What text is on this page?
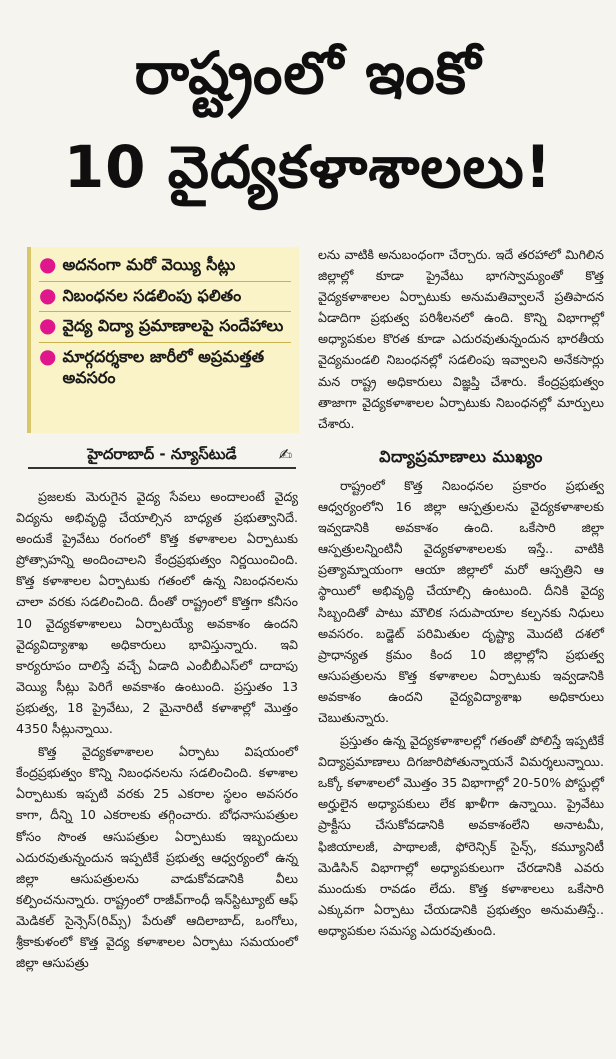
రాష్ట్రంలో ఇంకో
10 వైద్యకళాశాలలు!
● అదనంగా మరో వెయ్యి సీట్లు
● నిబంధనల సడలింపు ఫలితం
● వైద్య విద్యా ప్రమాణాలపై సందేహాలు
● మార్గదర్శకాల జారీలో అప్రమత్తత అవసరం
హైదరాబాద్ - న్యూస్‌టుడే	✍

ప్రజలకు మెరుగైన వైద్య సేవలు అందాలంటే వైద్య విద్యను అభివృద్ధి చేయాల్సిన బాధ్యత ప్రభుత్వానిదే. అందుకే ప్రైవేటు రంగంలో కొత్త కళాశాలల ఏర్పాటుకు ప్రోత్సాహన్ని అందించాలని కేంద్రప్రభుత్వం నిర్ణయించింది. కొత్త కళాశాలల ఏర్పాటుకు గతంలో ఉన్న నిబంధనలను చాలా వరకు సడలించింది. దీంతో రాష్ట్రంలో కొత్తగా కనీసం 10 వైద్యకళాశాలలు ఏర్పాటయ్యే అవకాశం ఉందని వైద్యవిద్యాశాఖ అధికారులు భావిస్తున్నారు. ఇవి కార్యరూపం దాలిస్తే వచ్చే ఏడాది ఎంబీబీఎస్‌లో దాదాపు వెయ్యి సీట్లు పెరిగే అవకాశం ఉంటుంది. ప్రస్తుతం 13 ప్రభుత్వ, 18 ప్రైవేటు, 2 మైనారిటీ కళాశాల్లో మొత్తం 4350 సీట్లున్నాయి.

కొత్త వైద్యకళాశాలల ఏర్పాటు విషయంలో కేంద్రప్రభుత్వం కొన్ని నిబంధనలను సడలించింది. కళాశాల ఏర్పాటుకు ఇప్పటి వరకు 25 ఎకరాల స్థలం అవసరం కాగా, దీన్ని 10 ఎకరాలకు తగ్గించారు. బోధనాసుపత్రుల కోసం సొంత ఆసుపత్రుల ఏర్పాటుకు ఇబ్బందులు ఎదురవుతున్నందున ఇప్పటికే ప్రభుత్వ ఆధ్వర్యంలో ఉన్న జిల్లా ఆసుపత్రులను వాడుకోవడానికి వీలు కల్పించనున్నారు. రాష్ట్రంలో రాజీవ్‌గాంధీ ఇన్‌స్టిట్యూట్ ఆఫ్ మెడికల్ సైన్సెస్(రిమ్స్) పేరుతో ఆదిలాబాద్, ఒంగోలు, శ్రీకాకుళంలో కొత్త వైద్య కళాశాలల ఏర్పాటు సమయంలో జిల్లా ఆసుపత్రు

లను వాటికి అనుబంధంగా చేర్చారు. ఇదే తరహాలో మిగిలిన జిల్లాల్లో కూడా ప్రైవేటు భాగస్వామ్యంతో కొత్త వైద్యకళాశాలల ఏర్పాటుకు అనుమతివ్వాలనే ప్రతిపాదన ఏడాదిగా ప్రభుత్వ పరిశీలనలో ఉంది. కొన్ని విభాగాల్లో అధ్యాపకుల కొరత కూడా ఎదురవుతున్నందున భారతీయ వైద్యమండలి నిబంధనల్లో సడలింపు ఇవ్వాలని అనేకసార్లు మన రాష్ట్ర అధికారులు విజ్ఞప్తి చేశారు. కేంద్రప్రభుత్వం తాజాగా వైద్యకళాశాలల ఏర్పాటుకు నిబంధనల్లో మార్పులు చేశారు.

విద్యాప్రమాణాలు ముఖ్యం

రాష్ట్రంలో కొత్త నిబంధనల ప్రకారం ప్రభుత్వ ఆధ్వర్యంలోని 16 జిల్లా ఆస్పత్రులను వైద్యకళాశాలకు ఇవ్వడానికి అవకాశం ఉంది. ఒకేసారి జిల్లా ఆస్పత్రులన్నింటినీ వైద్యకళాశాలలకు ఇస్తే.. వాటికి ప్రత్యామ్నాయంగా ఆయా జిల్లాలో మరో ఆస్పత్రిని ఆ స్థాయిలో అభివృద్ధి చేయాల్సి ఉంటుంది. దీనికి వైద్య సిబ్బందితో పాటు మౌలిక సదుపాయాల కల్పనకు నిధులు అవసరం. బడ్జెట్ పరిమితుల దృష్ట్యా మొదటి దశలో ప్రాధాన్యత క్రమం కింద 10 జిల్లాల్లోని ప్రభుత్వ ఆసుపత్రులను కొత్త కళాశాలల ఏర్పాటుకు ఇవ్వడానికి అవకాశం ఉందని వైద్యవిద్యాశాఖ అధికారులు చెబుతున్నారు.

ప్రస్తుతం ఉన్న వైద్యకళాశాలల్లో గతంతో పోలిస్తే ఇప్పటికే విద్యాప్రమాణాలు దిగజారిపోతున్నాయనే విమర్శలున్నాయి. ఒక్కో కళాశాలలో మొత్తం 35 విభాగాల్లో 20-50% పోస్టుల్లో అర్హులైన అధ్యాపకులు లేక ఖాళీగా ఉన్నాయి. ప్రైవేటు ప్రాక్టీసు చేసుకోవడానికి అవకాశంలేని అనాటమీ, ఫిజియాలజీ, పాథాలజీ, ఫోరెన్సిక్ సైన్స్, కమ్యూనిటీ మెడిసిన్ విభాగాల్లో అధ్యాపకులుగా చేరడానికి ఎవరు ముందుకు రావడం లేదు. కొత్త కళాశాలలు ఒకేసారి ఎక్కువగా ఏర్పాటు చేయడానికి ప్రభుత్వం అనుమతిస్తే.. అధ్యాపకుల సమస్య ఎదురవుతుంది.
